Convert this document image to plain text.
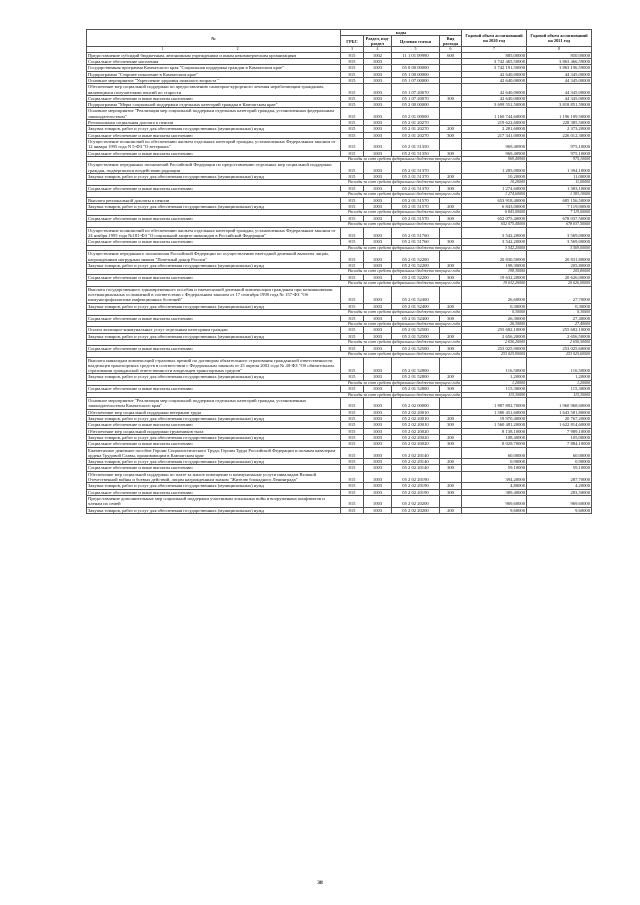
№	коды				Годовой объем ассигнований на 2020 год	Годовой объем ассигнований на 2021 год
	ГРБС	Раздел, под-раздел	Целевая статья	Вид расхода		
1 2	3	4	5	6	7	8
Предоставление субсидий бюджетным, автономным учреждениям и иным некоммерческим организациям	815	1002	11 1 01 09990	600	885,00000	850,00000
Социальное обеспечение населения	815	1003			3 742 465,50000	3 863 466,59000
Государственная программа Камчатского края "Социальная поддержка граждан в Камчатском крае"	815	1003	05 0 00 00000		3 742 191,50000	3 863 196,59000
Подпрограмма "Старшее поколение в Камчатском крае"	815	1003	05 1 00 00000		42 640,00000	44 345,00000
Основное мероприятие "Укрепление здоровья пожилого возраста "	815	1003	05 1 07 00000		42 640,00000	44 345,00000
Обеспечение мер социальной поддержки по предоставлению санаторно-курортного лечения неработающим гражданам, являющимся получателями пенсий по старости	815	1003	05 1 07 20070		42 640,00000	44 345,00000
Социальное обеспечение и иные выплаты населению	815	1003	05 1 07 20070	300	42 640,00000	44 345,00000
Подпрограмма "Меры социальной поддержки отдельных категорий граждан в Камчатском крае"	815	1003	05 2 00 00000		3 699 551,50000	3 818 851,59000
Основное мероприятие "Реализация мер социальной поддержки отдельных категорий граждан, установленных федеральным законодательством"	815	1003	05 2 01 00000		1 160 744,60000	1 196 109,50000
Региональная социальная доплата к пенсии	815	1003	05 2 01 20270		219 622,60000	228 385,50000
Закупка товаров, работ и услуг для обеспечения государственных (муниципальных) нужд	815	1003	05 2 01 20270	200	2 281,60000	2 373,20000
Социальное обеспечение и иные выплаты населению	815	1003	05 2 01 20270	300	217 341,00000	226 012,30000
Осуществление полномочий по обеспечению жильем отдельных категорий граждан, установленных Федеральным законом от 12 января 1995 года N 5-ФЗ "О ветеранах"	815	1003	05 2 01 51350		969,40900	975,10000
Социальное обеспечение и иные выплаты населению	815	1003	05 2 01 51350	300	969,40900	975,10000
Расходы за счет средств федерального бюджета текущего года					969,40900	975,10000
Осуществление переданных полномочий Российской Федерации по предоставлению отдельных мер социальной поддержки граждан, подвергшихся воздействию радиации	815	1003	05 2 01 51370		1 285,00000	1 394,10000
Закупка товаров, работ и услуг для обеспечения государственных (муниципальных) нужд	815	1003	05 2 01 51370	200	10,20000	11,00000
Расходы за счет средств федерального бюджета текущего года					10,20000	11,00000
Социальное обеспечение и иные выплаты населению	815	1003	05 2 01 51370	300	1 274,60000	1 383,10000
Расходы за счет средств федерального бюджета текущего года					1 274,60000	1 383,10000
Выплата региональной доплаты к пенсии	815	1003	05 2 01 51570		653 918,40000	685 156,50000
Закупка товаров, работ и услуг для обеспечения государственных (муниципальных) нужд	815	1003	05 2 01 51570	200	6 843,00000	7 119,00000
Расходы за счет средств федерального бюджета текущего года					6 843,00000	7 119,00000
Социальное обеспечение и иные выплаты населению	815	1003	05 2 01 51570	300	652 075,40000	678 037,50000
Расходы за счет средств федерального бюджета текущего года					652 075,40000	678 037,50000
Осуществление полномочий по обеспечению жильем отдельных категорий граждан, установленных Федеральным законом от 24 ноября 1995 года №181-ФЗ "О социальной защите инвалидов в Российской Федерации"	815	1003	05 2 01 51760		3 542,20000	3 569,00000
Социальное обеспечение и иные выплаты населению	815	1003	05 2 01 51760	300	3 542,20000	3 569,00000
Расходы за счет средств федерального бюджета текущего года					3 542,20000	3 569,00000
Осуществление переданного полномочия Российской Федерации по осуществлению ежегодной денежной выплаты лицам, награжденным нагрудным знаком "Почетный донор России"	815	1003	05 2 01 52200		20 830,50000	20 831,80000
Закупка товаров, работ и услуг для обеспечения государственных (муниципальных) нужд	815	1003	05 2 01 52200	200	198,30000	205,80000
Расходы за счет средств федерального бюджета текущего года					198,30000	205,80000
Социальное обеспечение и иные выплаты населению	815	1003	05 2 01 52200	300	19 632,20000	20 626,00000
Расходы за счет средств федерального бюджета текущего года					19 632,20000	20 626,00000
Выплата государственного единовременного пособия и ежемесячной денежной компенсации гражданам при возникновении поствакцинальных осложнений в соответствии с Федеральным законом от 17 сентября 1998 года № 157-ФЗ "Об иммунопрофилактике инфекционных болезней"	815	1003	05 2 01 52400		26,60000	27,70000
Закупка товаров, работ и услуг для обеспечения государственных (муниципальных) нужд	815	1003	05 2 01 52400	200	0,30000	0,30000
Расходы за счет средств федерального бюджета текущего года					0,30000	0,30000
Социальное обеспечение и иные выплаты населению	815	1003	05 2 01 52400	300	26,30000	27,40000
Расходы за счет средств федерального бюджета текущего года					26,30000	27,40000
Оплата жилищно-коммунальных услуг отдельным категориям граждан	815	1003	05 2 01 52500		255 682,10000	255 682,10000
Закупка товаров, работ и услуг для обеспечения государственных (муниципальных) нужд	815	1003	05 2 01 52500	200	2 656,20000	2 656,50000
Расходы за счет средств федерального бюджета текущего года					2 656,20000	2 656,50000
Социальное обеспечение и иные выплаты населению	815	1003	05 2 01 52500	300	253 025,90000	253 025,60000
Расходы за счет средств федерального бюджета текущего года					253 025,90000	253 025,60000
Выплата инвалидам компенсаций страховых премий по договорам обязательного страхования гражданской ответственности владельцев транспортных средств в соответствии с Федеральным законом от 25 апреля 2002 года № 40-ФЗ "Об обязательном страховании гражданской ответственности владельцев транспортных средств"	815	1003	05 2 01 52800		116,50000	116,50000
Закупка товаров, работ и услуг для обеспечения государственных (муниципальных) нужд	815	1003	05 2 01 52800	200	1,20000	1,20000
Расходы за счет средств федерального бюджета текущего года					1,20000	1,20000
Социальное обеспечение и иные выплаты населению	815	1003	05 2 01 52800	300	115,30000	115,30000
Расходы за счет средств федерального бюджета текущего года					115,30000	115,30000
Основное мероприятие "Реализация мер социальной поддержки отдельных категорий граждан, установленных законодательством Камчатского края"	815	1003	05 2 02 00000		1 887 892,70000	1 960 968,60000
Обеспечение мер социальной поддержки ветеранов труда	815	1003	05 2 02 20010		1 580 451,60000	1 643 581,80000
Закупка товаров, работ и услуг для обеспечения государственных (муниципальных) нужд	815	1003	05 2 02 20010	200	19 970,40000	20 767,20000
Социальное обеспечение и иные выплаты населению	815	1003	05 2 02 20010	300	1 560 481,20000	1 622 814,60000
Обеспечение мер социальной поддержки тружеников тыла	815	1003	05 2 02 20020		8 138,10000	7 989,10000
Закупка товаров, работ и услуг для обеспечения государственных (муниципальных) нужд	815	1003	05 2 02 20020	200	108,40000	105,00000
Социальное обеспечение и иные выплаты населению	815	1003	05 2 02 20020	300	8 029,70000	7 884,10000
Ежемесячное денежное пособие Героям Социалистического Труда, Героям Труда Российской Федерации и полным кавалерам ордена Трудовой Славы, проживающим в Камчатском крае	815	1003	05 2 02 20140		60,00000	60,00000
Закупка товаров, работ и услуг для обеспечения государственных (муниципальных) нужд	815	1003	05 2 02 20140	200	0,90000	0,90000
Социальное обеспечение и иные выплаты населению	815	1003	05 2 02 20140	300	59,10000	59,10000
Обеспечение мер социальной поддержки по плате за жилое помещение и коммунальные услуги инвалидам Великой Отечественной войны и боевых действий, лицам награжденным знаком "Жителю блокадного Ленинграда"	815	1003	05 2 02 20190		394,20000	287,70000
Закупка товаров, работ и услуг для обеспечения государственных (муниципальных) нужд	815	1003	05 2 02 20190	200	4,80000	4,20000
Социальное обеспечение и иные выплаты населению	815	1003	05 2 02 20190	300	389,40000	283,50000
Предоставление дополнительных мер социальной поддержки участникам локальных войн и вооруженных конфликтов и членам их семей	815	1003	05 2 02 20200		969,60000	969,60000
Закупка товаров, работ и услуг для обеспечения государственных (муниципальных) нужд	815	1003	05 2 02 20200	200	9,60000	9,60000
38
